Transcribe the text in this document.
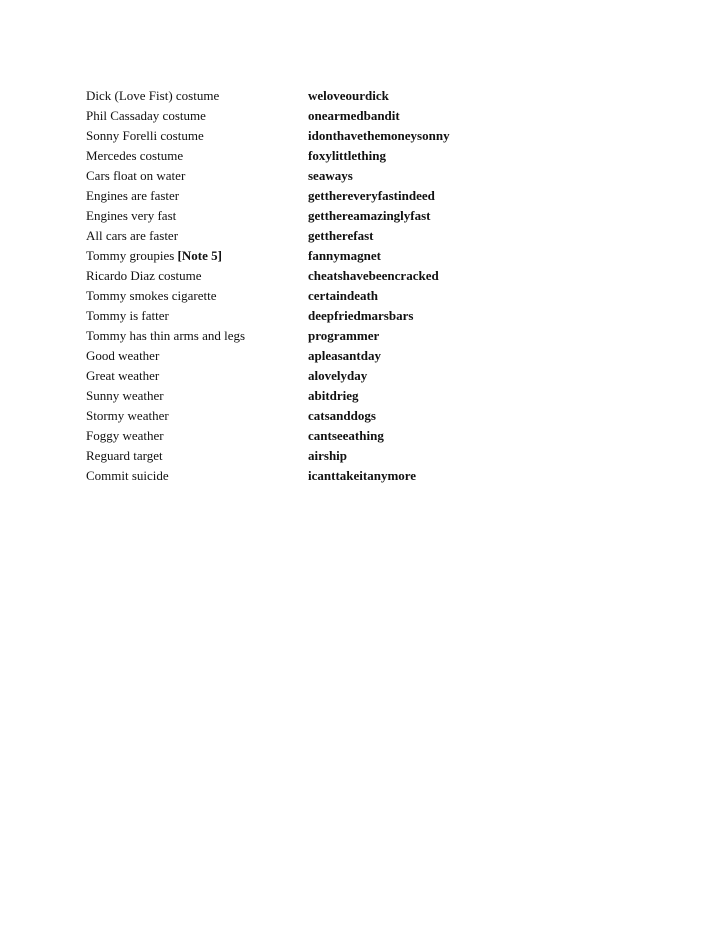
Dick (Love Fist) costume	weloveourdick
Phil Cassaday costume	onearmedbandit
Sonny Forelli costume	idonthavethemoneysonny
Mercedes costume	foxylittlething
Cars float on water	seaways
Engines are faster	getthereveryfastindeed
Engines very fast	getthereamazinglyfast
All cars are faster	gettherefast
Tommy groupies [Note 5]	fannymagnet
Ricardo Diaz costume	cheatshavebeencracked
Tommy smokes cigarette	certaindeath
Tommy is fatter	deepfriedmarsbars
Tommy has thin arms and legs	programmer
Good weather	apleasantday
Great weather	alovelyday
Sunny weather	abitdrieg
Stormy weather	catsanddogs
Foggy weather	cantseeathing
Reguard target	airship
Commit suicide	icanttakeitanymore
